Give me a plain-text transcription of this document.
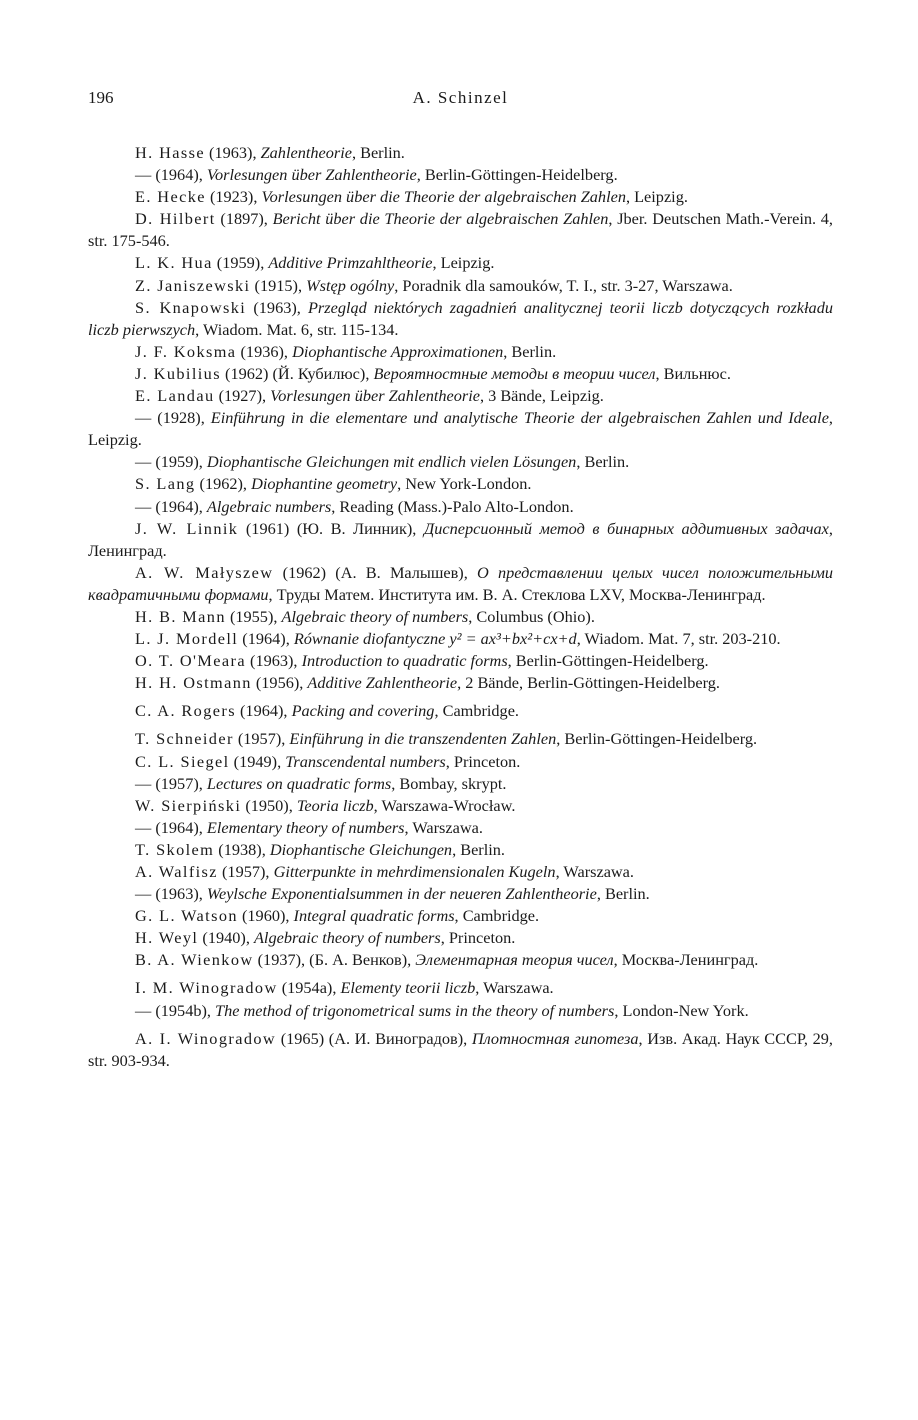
196	A. Schinzel

H. Hasse (1963), Zahlentheorie, Berlin.

— (1964), Vorlesungen über Zahlentheorie, Berlin-Göttingen-Heidelberg.

E. Hecke (1923), Vorlesungen über die Theorie der algebraischen Zahlen, Leipzig.

D. Hilbert (1897), Bericht über die Theorie der algebraischen Zahlen, Jber. Deutschen Math.-Verein. 4, str. 175-546.

L. K. Hua (1959), Additive Primzahltheorie, Leipzig.

Z. Janiszewski (1915), Wstęp ogólny, Poradnik dla samouków, T. I., str. 3-27, Warszawa.

S. Knapowski (1963), Przegląd niektórych zagadnień analitycznej teorii liczb dotyczących rozkładu liczb pierwszych, Wiadom. Mat. 6, str. 115-134.

J. F. Koksma (1936), Diophantische Approximationen, Berlin.

J. Kubilius (1962) (Й. Кубилюс), Вероятностные методы в теории чисел, Вильнюс.

E. Landau (1927), Vorlesungen über Zahlentheorie, 3 Bände, Leipzig.

— (1928), Einführung in die elementare und analytische Theorie der algebraischen Zahlen und Ideale, Leipzig.

— (1959), Diophantische Gleichungen mit endlich vielen Lösungen, Berlin.

S. Lang (1962), Diophantine geometry, New York-London.

— (1964), Algebraic numbers, Reading (Mass.)-Palo Alto-London.

J. W. Linnik (1961) (Ю. В. Линник), Дисперсионный метод в бинарных аддитивных задачах, Ленинград.

A. W. Małyszew (1962) (А. В. Малышев), О представлении целых чисел положительными квадратичными формами, Труды Матем. Института им. В. А. Стеклова LXV, Москва-Ленинград.

H. B. Mann (1955), Algebraic theory of numbers, Columbus (Ohio).

L. J. Mordell (1964), Równanie diofantyczne y² = ax³+bx²+cx+d, Wiadom. Mat. 7, str. 203-210.

O. T. O'Meara (1963), Introduction to quadratic forms, Berlin-Göttingen-Heidelberg.

H. H. Ostmann (1956), Additive Zahlentheorie, 2 Bände, Berlin-Göttingen-Heidelberg.

C. A. Rogers (1964), Packing and covering, Cambridge.

T. Schneider (1957), Einführung in die transzendenten Zahlen, Berlin-Göttingen-Heidelberg.

C. L. Siegel (1949), Transcendental numbers, Princeton.

— (1957), Lectures on quadratic forms, Bombay, skrypt.

W. Sierpiński (1950), Teoria liczb, Warszawa-Wrocław.

— (1964), Elementary theory of numbers, Warszawa.

T. Skolem (1938), Diophantische Gleichungen, Berlin.

A. Walfisz (1957), Gitterpunkte in mehrdimensionalen Kugeln, Warszawa.

— (1963), Weylsche Exponentialsummen in der neueren Zahlentheorie, Berlin.

G. L. Watson (1960), Integral quadratic forms, Cambridge.

H. Weyl (1940), Algebraic theory of numbers, Princeton.

B. A. Wienkow (1937), (Б. А. Венков), Элементарная теория чисел, Москва-Ленинград.

I. M. Winogradow (1954a), Elementy teorii liczb, Warszawa.

— (1954b), The method of trigonometrical sums in the theory of numbers, London-New York.

A. I. Winogradow (1965) (А. И. Виноградов), Плотностная гипотеза, Изв. Акад. Наук СССР, 29, str. 903-934.
